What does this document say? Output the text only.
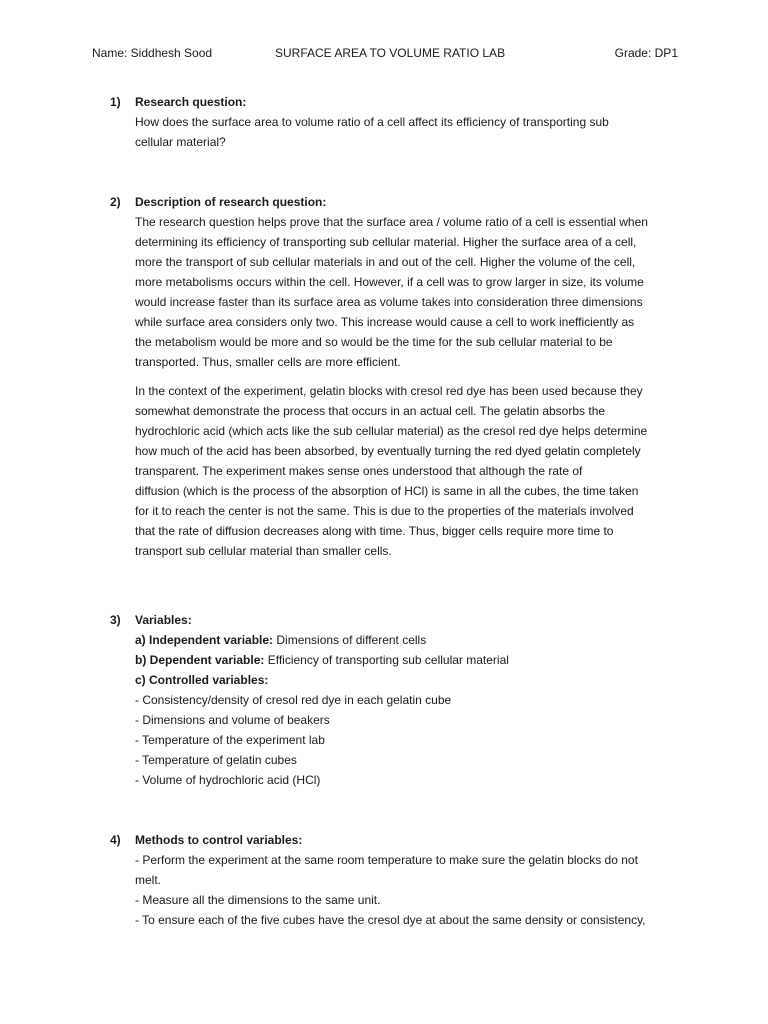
Name: Siddhesh Sood	SURFACE AREA TO VOLUME RATIO LAB	Grade: DP1
1) Research question:
How does the surface area to volume ratio of a cell affect its efficiency of transporting sub
cellular material?
2) Description of research question:
The research question helps prove that the surface area / volume ratio of a cell is essential when
determining its efficiency of transporting sub cellular material. Higher the surface area of a cell,
more the transport of sub cellular materials in and out of the cell. Higher the volume of the cell,
more metabolisms occurs within the cell. However, if a cell was to grow larger in size, its volume
would increase faster than its surface area as volume takes into consideration three dimensions
while surface area considers only two. This increase would cause a cell to work inefficiently as
the metabolism would be more and so would be the time for the sub cellular material to be
transported. Thus, smaller cells are more efficient.
In the context of the experiment, gelatin blocks with cresol red dye has been used because they
somewhat demonstrate the process that occurs in an actual cell. The gelatin absorbs the
hydrochloric acid (which acts like the sub cellular material) as the cresol red dye helps determine
how much of the acid has been absorbed, by eventually turning the red dyed gelatin completely
transparent. The experiment makes sense ones understood that although the rate of
diffusion (which is the process of the absorption of HCl) is same in all the cubes, the time taken
for it to reach the center is not the same. This is due to the properties of the materials involved
that the rate of diffusion decreases along with time. Thus, bigger cells require more time to
transport sub cellular material than smaller cells.
3) Variables:
a) Independent variable: Dimensions of different cells
b) Dependent variable: Efficiency of transporting sub cellular material
c) Controlled variables:
- Consistency/density of cresol red dye in each gelatin cube
- Dimensions and volume of beakers
- Temperature of the experiment lab
- Temperature of gelatin cubes
- Volume of hydrochloric acid (HCl)
4) Methods to control variables:
- Perform the experiment at the same room temperature to make sure the gelatin blocks do not
melt.
- Measure all the dimensions to the same unit.
- To ensure each of the five cubes have the cresol dye at about the same density or consistency,
